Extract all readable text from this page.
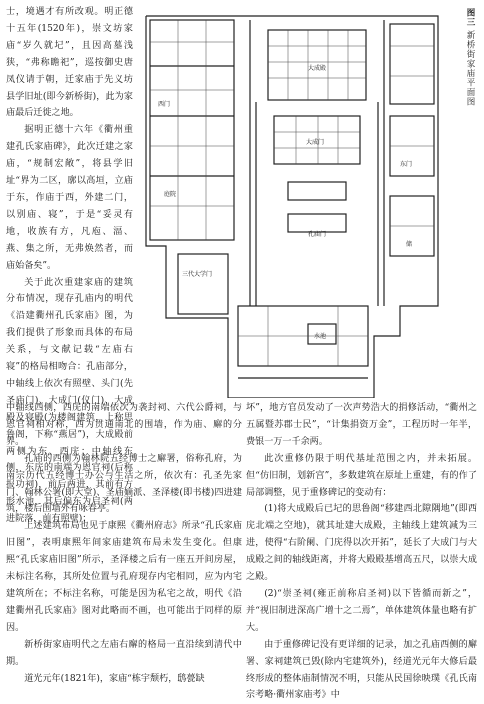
士，境遇才有所改观。明正德十五年(1520年)，崇文坊家庙“岁久就圮”，且因高墓浅狭，“弗称瞻祀”，巡按御史唐凤仪请于朝，迁家庙于先义坊县学旧址(即今新桥街)，此为家庙最后迁徙之地。

据明正德十六年《衢州重建孔氏家庙碑》，此次迁建之家庙，“规制宏敞”，将县学旧址“界为二区，廓以高垣，立庙于东，作庙于西，外建二门，以别庙、寝”，于是“妥灵有地，收族有方，凡庖、湢、燕、集之所，无弗焕然者，而庙始备矣”。

关于此次重建家庙的建筑分布情况，现存孔庙内的明代《沿建衢州孔氏家庙》图，为我们提供了形象而具体的布局关系，与文献记载“左庙右寝”的格局相吻合：孔庙部分，中轴线上依次有照壁、头门(先圣庙门)、大成门(仪门)、大成殿及寝殿(为楼阁建筑，上称思鲁阁，下称“燕居”)，大成殿前两侧为东、西庑；中轴线东侧，东庑的南端为恩官祠(后称报功祠)，前后两进，其前有方形水池，其后偏东为启圣祠(两进院落，前有照壁)；

大成殿
大成门
孔庙门
水池
三代大学门
西门
东门
庭院
储
图三 新桥街家庙平面图

中轴线西侧，西庑的南端依次为袭封祠、六代公爵祠，与恩官祠相对称，西为贯通南北的围墙，作为庙、廨的分界。

孔庙的西侧为翰林院五经博士之廨署，俗称孔府，为南宗历代五经博士办公与生活之所，依次有：孔圣先家门、翰林公署(即大堂)、圣庙嫡派、圣泽楼(即书楼)四进建筑，楼后围墙外有咏春亭。

上述建筑布局也见于康熙《衢州府志》所录“孔氏家庙旧图”，表明康熙年间家庙建筑布局未发生变化。但康熙“孔氏家庙旧图”所示，圣泽楼之后有一座五开间房屋，未标注名称，其所处位置与孔府现存内宅相同，应为内宅建筑所在；不标注名称，可能是因为私宅之故，明代《沿建衢州孔氏家庙》图对此略而不画，也可能出于同样的原因。

新桥街家庙明代之左庙右廨的格局一直沿续到清代中期。

道光元年(1821年)，家庙“栋宇颓朽，鸱甍缺

坏”，地方官员发动了一次声势浩大的捐修活动，“衢州之五属暨苏郡士民”，“计集捐资万金”，工程历时一年半，费银一万一千余两。

此次重修仍限于明代基址范围之内，并未拓展。但“仿旧制，划新宫”，多数建筑在原址上重建，有的作了局部调整，见于重修碑记的变动有：

(1)将大成殿后已圮的思鲁阁“移建西北隙隅地”(即西庑北端之空地)，就其址建大成殿，主轴线上建筑减为三进，使得“右阶阑、门庑得以次开拓”，延长了大成门与大成殿之间的轴线距离，并将大殿殿基增高五尺，以崇大成之殿。

(2)“崇圣祠(雍正前称启圣祠)以下皆循而新之”，并“视旧制进深高广增十之二焉”，单体建筑体量也略有扩大。

由于重修碑记没有更详细的记录，加之孔庙西侧的廨署、家祠建筑已毁(除内宅建筑外)，经道光元年大修后最终形成的整体庙制情况不明，只能从民国徐映璞《孔氏南宗考略·衢州家庙考》中
